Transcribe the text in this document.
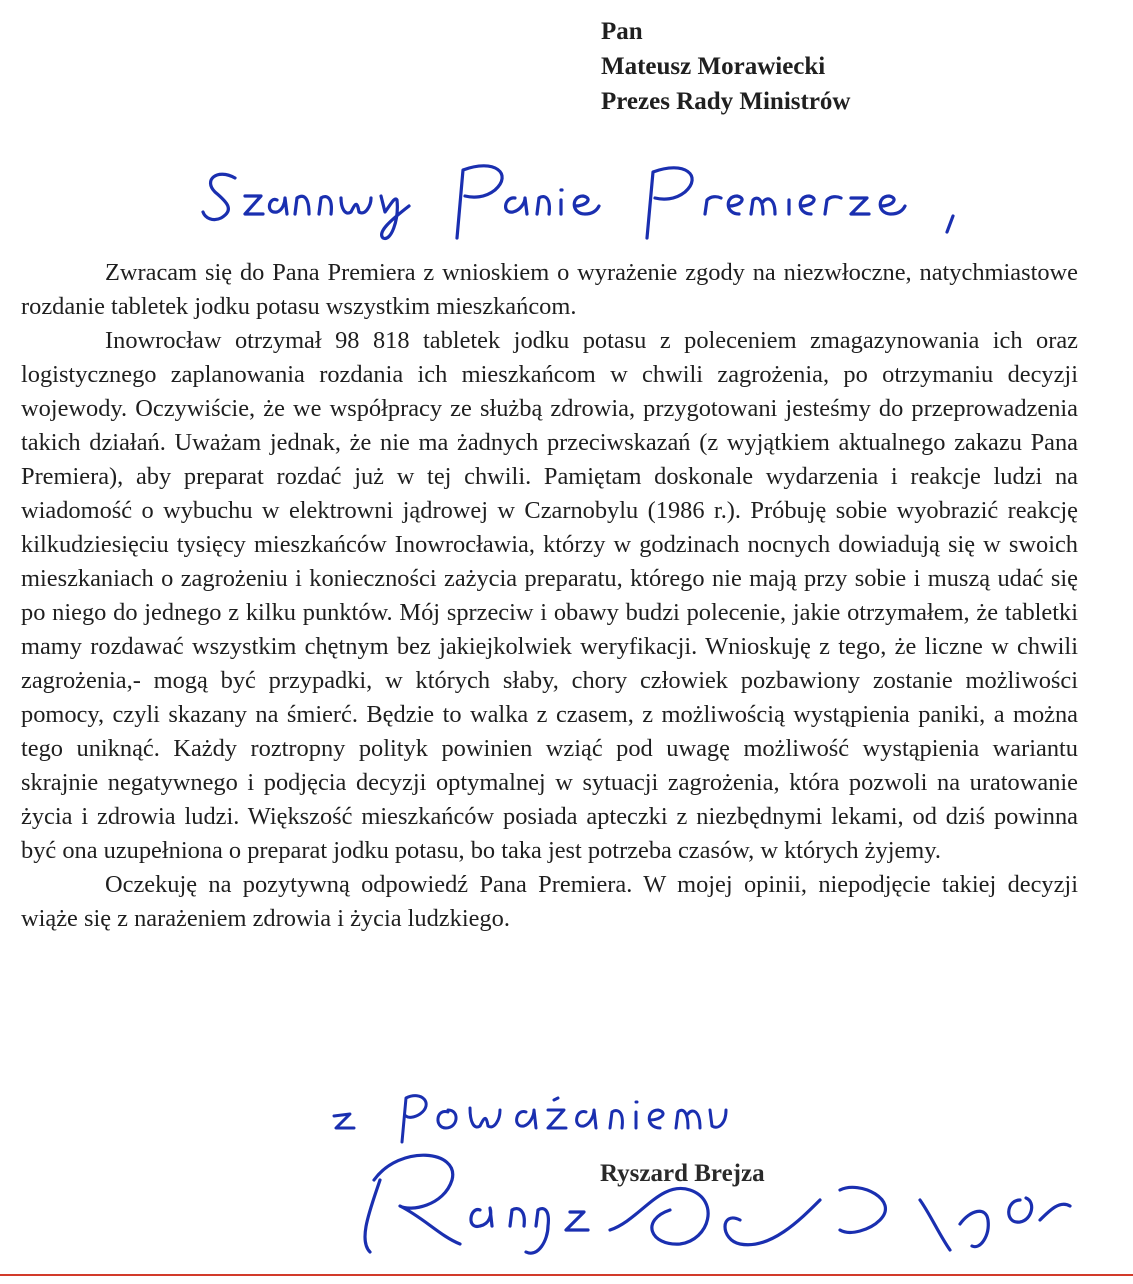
Pan
Mateusz Morawiecki
Prezes Rady Ministrów

Zwracam się do Pana Premiera z wnioskiem o wyrażenie zgody na niezwłoczne, natychmiastowe rozdanie tabletek jodku potasu wszystkim mieszkańcom.

Inowrocław otrzymał 98 818 tabletek jodku potasu z poleceniem zmagazynowania ich oraz logistycznego zaplanowania rozdania ich mieszkańcom w chwili zagrożenia, po otrzymaniu decyzji wojewody. Oczywiście, że we współpracy ze służbą zdrowia, przygotowani jesteśmy do przeprowadzenia takich działań. Uważam jednak, że nie ma żadnych przeciwskazań (z wyjątkiem aktualnego zakazu Pana Premiera), aby preparat rozdać już w tej chwili. Pamiętam doskonale wydarzenia i reakcje ludzi na wiadomość o wybuchu w elektrowni jądrowej w Czarnobylu (1986 r.). Próbuję sobie wyobrazić reakcję kilkudziesięciu tysięcy mieszkańców Inowrocławia, którzy w godzinach nocnych dowiadują się w swoich mieszkaniach o zagrożeniu i konieczności zażycia preparatu, którego nie mają przy sobie i muszą udać się po niego do jednego z kilku punktów. Mój sprzeciw i obawy budzi polecenie, jakie otrzymałem, że tabletki mamy rozdawać wszystkim chętnym bez jakiejkolwiek weryfikacji. Wnioskuję z tego, że liczne w chwili zagrożenia,- mogą być przypadki, w których słaby, chory człowiek pozbawiony zostanie możliwości pomocy, czyli skazany na śmierć. Będzie to walka z czasem, z możliwością wystąpienia paniki, a można tego uniknąć. Każdy roztropny polityk powinien wziąć pod uwagę możliwość wystąpienia wariantu skrajnie negatywnego i podjęcia decyzji optymalnej w sytuacji zagrożenia, która pozwoli na uratowanie życia i zdrowia ludzi. Większość mieszkańców posiada apteczki z niezbędnymi lekami, od dziś powinna być ona uzupełniona o preparat jodku potasu, bo taka jest potrzeba czasów, w których żyjemy.

Oczekuję na pozytywną odpowiedź Pana Premiera. W mojej opinii, niepodjęcie takiej decyzji wiąże się z narażeniem zdrowia i życia ludzkiego.

Ryszard Brejza
